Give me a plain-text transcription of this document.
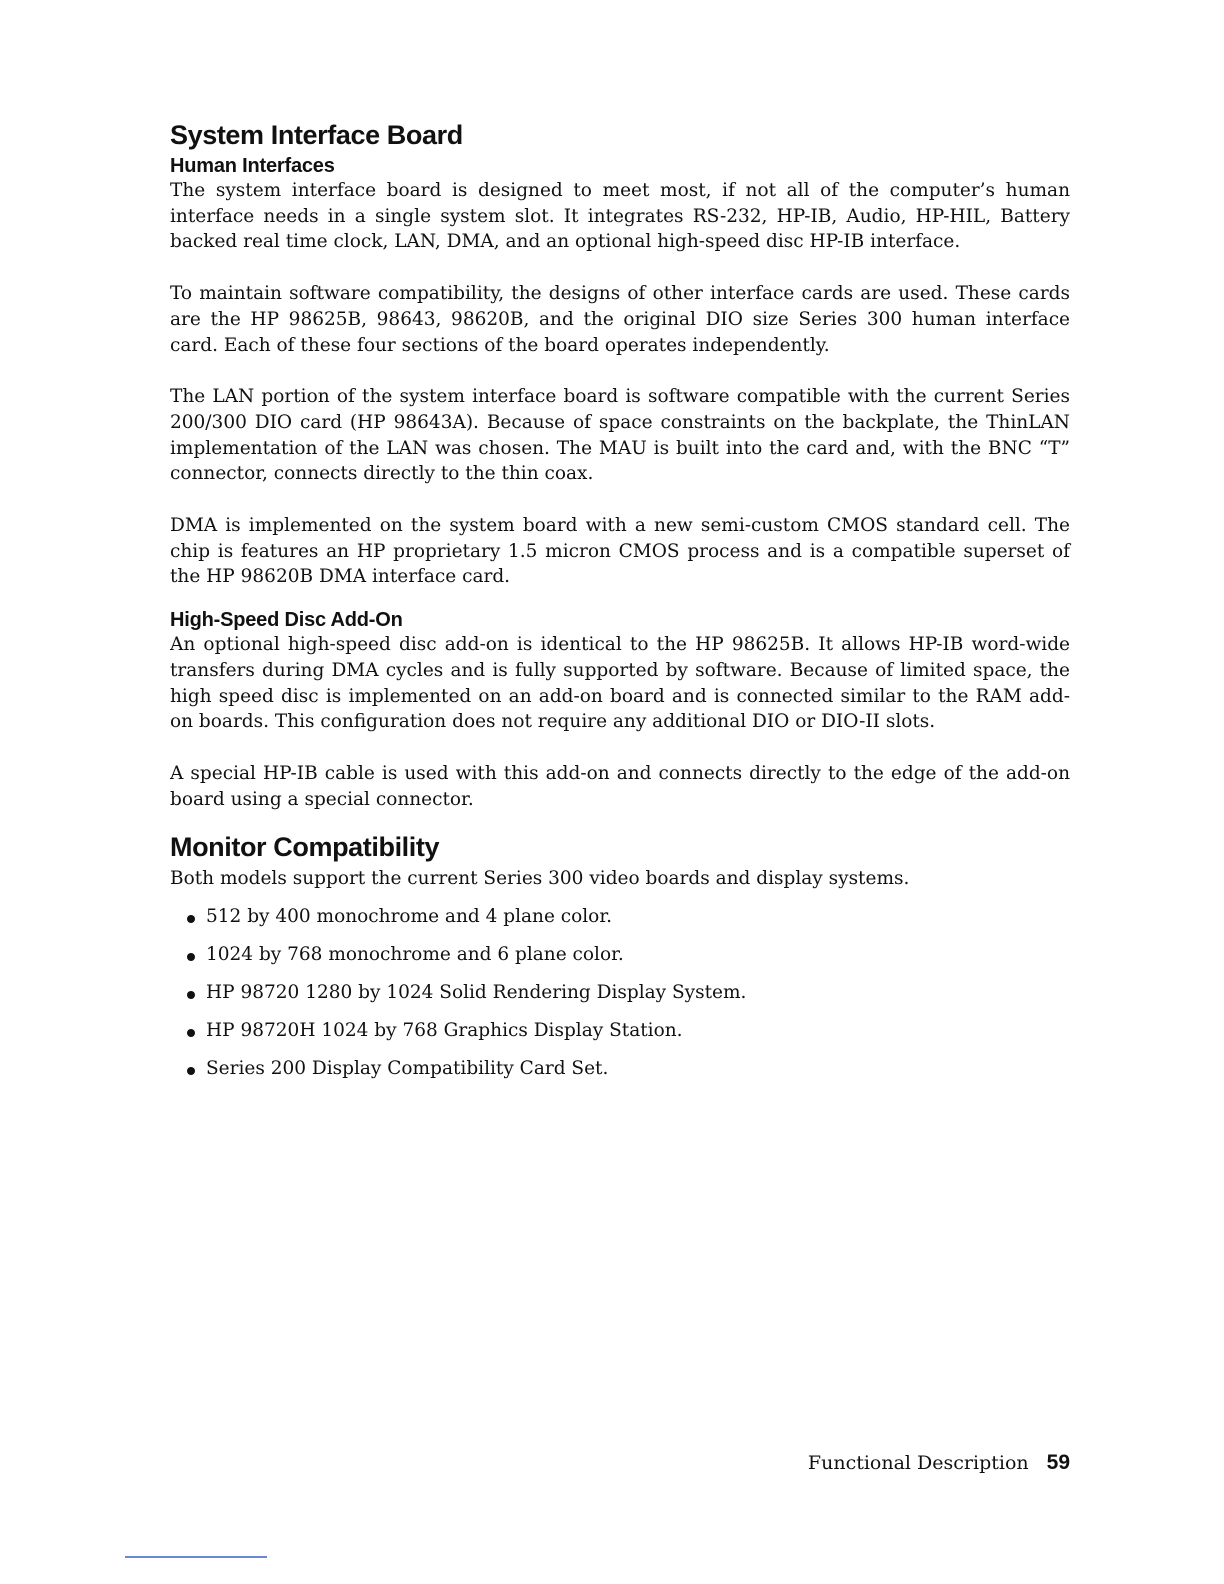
System Interface Board
Human Interfaces

The system interface board is designed to meet most, if not all of the computer’s human interface needs in a single system slot. It integrates RS-232, HP-IB, Audio, HP-HIL, Battery backed real time clock, LAN, DMA, and an optional high-speed disc HP-IB interface.

To maintain software compatibility, the designs of other interface cards are used. These cards are the HP 98625B, 98643, 98620B, and the original DIO size Series 300 human interface card. Each of these four sections of the board operates independently.

The LAN portion of the system interface board is software compatible with the current Series 200/300 DIO card (HP 98643A). Because of space constraints on the backplate, the ThinLAN implementation of the LAN was chosen. The MAU is built into the card and, with the BNC “T” connector, connects directly to the thin coax.

DMA is implemented on the system board with a new semi-custom CMOS standard cell. The chip is features an HP proprietary 1.5 micron CMOS process and is a compatible superset of the HP 98620B DMA interface card.

High-Speed Disc Add-On

An optional high-speed disc add-on is identical to the HP 98625B. It allows HP-IB word-wide transfers during DMA cycles and is fully supported by software. Because of limited space, the high speed disc is implemented on an add-on board and is connected similar to the RAM add-on boards. This configuration does not require any additional DIO or DIO-II slots.

A special HP-IB cable is used with this add-on and connects directly to the edge of the add-on board using a special connector.

Monitor Compatibility

Both models support the current Series 300 video boards and display systems.

512 by 400 monochrome and 4 plane color.
1024 by 768 monochrome and 6 plane color.
HP 98720 1280 by 1024 Solid Rendering Display System.
HP 98720H 1024 by 768 Graphics Display Station.
Series 200 Display Compatibility Card Set.
Functional Description 59
